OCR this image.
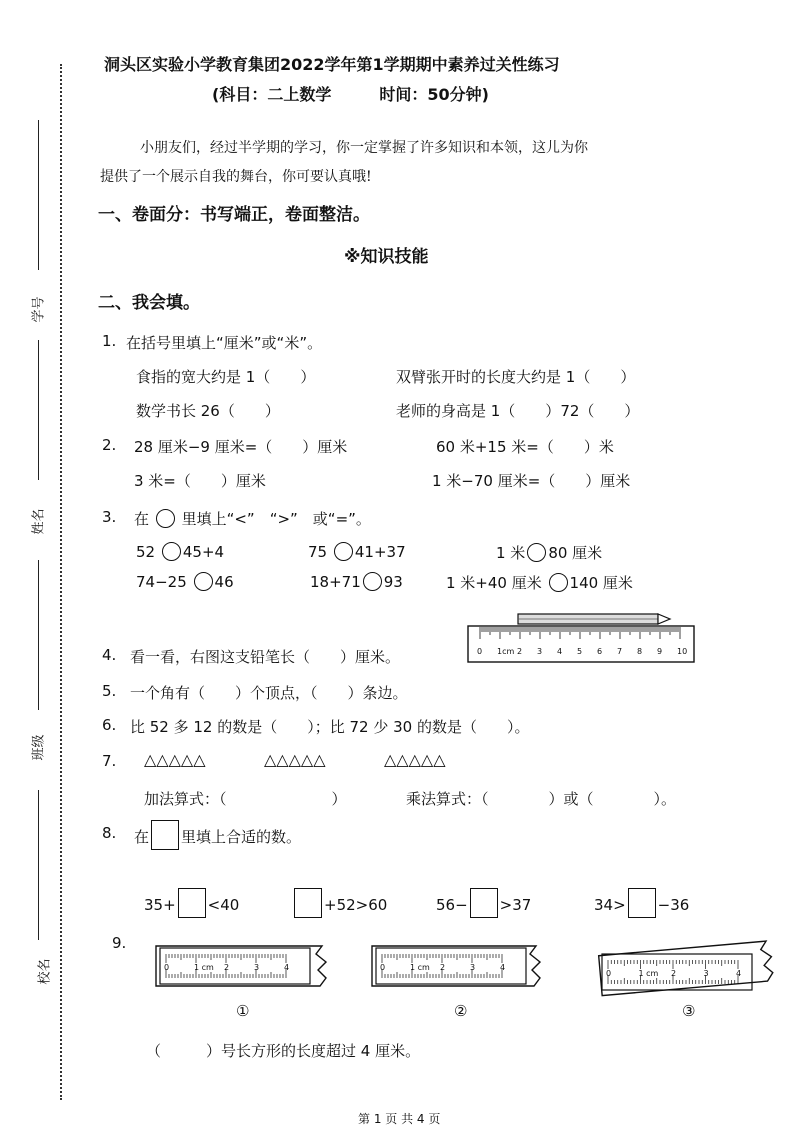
学号
姓名
班级
校名
洞头区实验小学教育集团2022学年第1学期期中素养过关性练习
(科目：二上数学　　　时间：50分钟)
小朋友们，经过半学期的学习，你一定掌握了许多知识和本领，这儿为你
提供了一个展示自我的舞台，你可要认真哦!
一、卷面分：书写端正，卷面整洁。
※知识技能
二、我会填。
1. 在括号里填上“厘米”或“米”。
食指的宽大约是 1（　　）	双臂张开时的长度大约是 1（　　）
数学书长 26（　　）	老师的身高是 1（　　）72（　　）
2. 28 厘米−9 厘米=（　　）厘米	60 米+15 米=（　　）米
3 米=（　　）厘米	1 米−70 厘米=（　　）厘米
3. 在 里填上“<”　“>”　或“=”。
52 45+4	75 41+37	1 米 80 厘米
74−25 46	18+71 93	1 米+40 厘米 140 厘米
4. 看一看，右图这支铅笔长（　　）厘米。	0 1cm 2 3 4 5 6 7 8 9 10
5. 一个角有（　　）个顶点，（　　）条边。
6. 比 52 多 12 的数是（　　）；比 72 少 30 的数是（　　）。
7. △△△△△	△△△△△	△△△△△
加法算式：（　　　　　　　）	乘法算式：（　　　　）或（　　　　）。
8. 在 里填上合适的数。
35+ <40	+52>60	56− >37	34> −36
9.
0	1 cm 2	3	4	0	1 cm 2	3	4
0	1 cm 2	3	4
①	②	③
（　　　）号长方形的长度超过 4 厘米。
第 1 页 共 4 页
